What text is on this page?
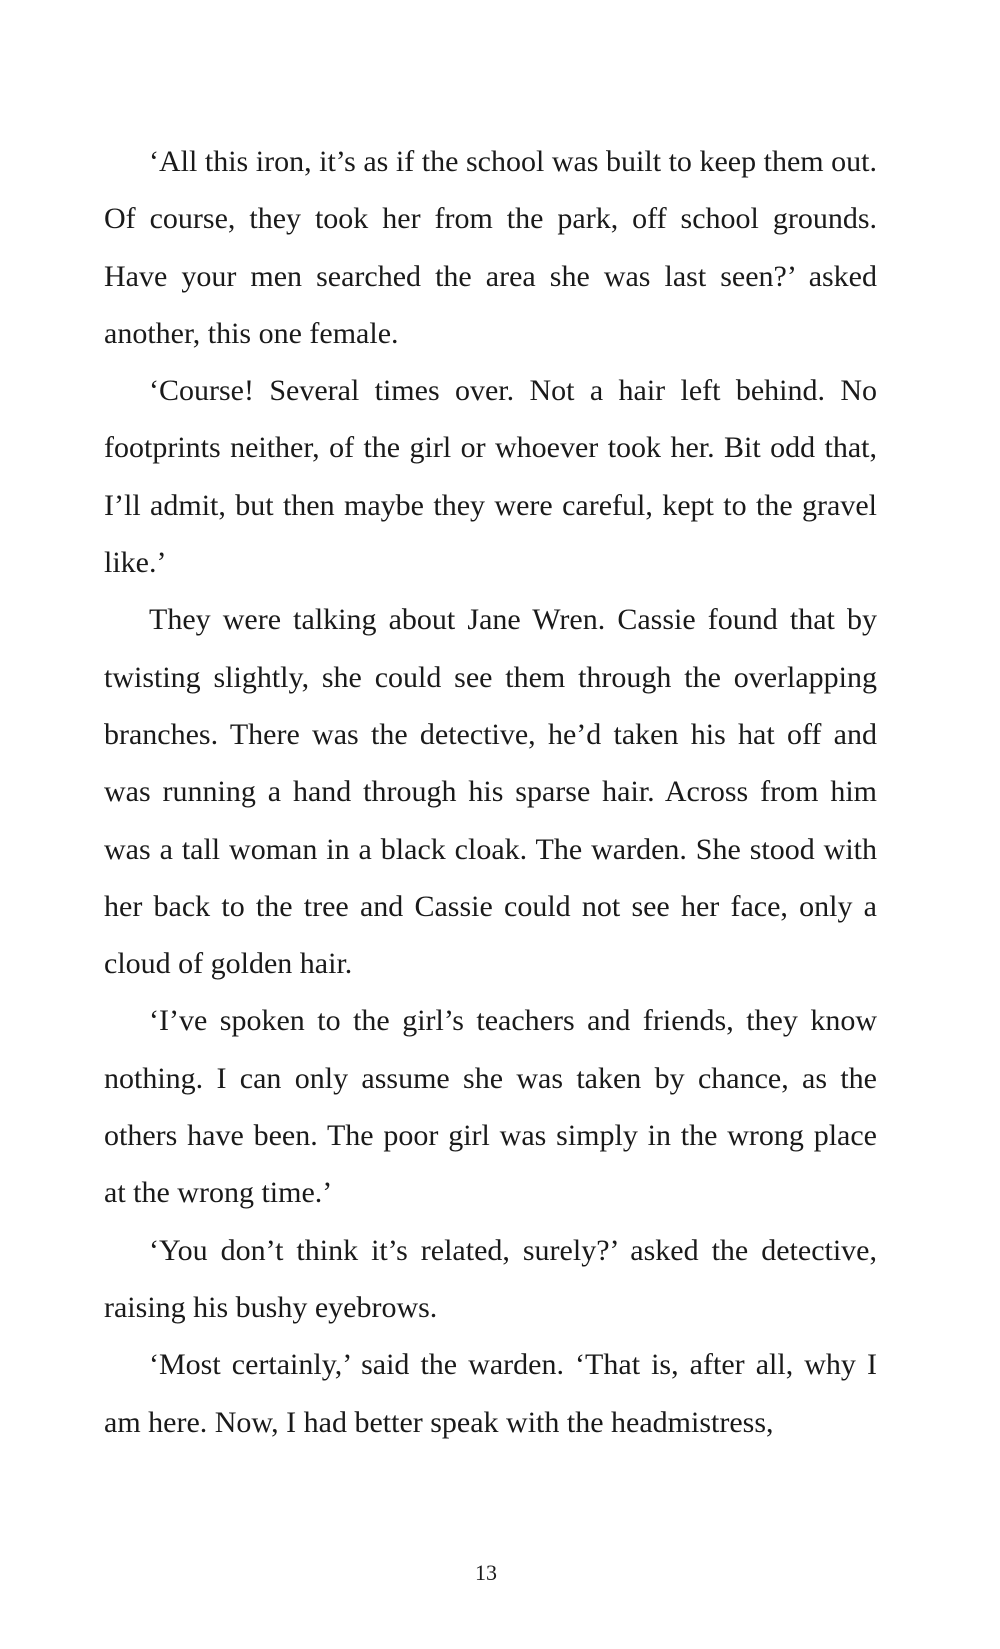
‘All this iron, it’s as if the school was built to keep them out. Of course, they took her from the park, off school grounds. Have your men searched the area she was last seen?’ asked another, this one female.

‘Course! Several times over. Not a hair left behind. No footprints neither, of the girl or whoever took her. Bit odd that, I’ll admit, but then maybe they were careful, kept to the gravel like.’

They were talking about Jane Wren. Cassie found that by twisting slightly, she could see them through the overlapping branches. There was the detective, he’d taken his hat off and was running a hand through his sparse hair. Across from him was a tall woman in a black cloak. The warden. She stood with her back to the tree and Cassie could not see her face, only a cloud of golden hair.

‘I’ve spoken to the girl’s teachers and friends, they know nothing. I can only assume she was taken by chance, as the others have been. The poor girl was simply in the wrong place at the wrong time.’

‘You don’t think it’s related, surely?’ asked the detective, raising his bushy eyebrows.

‘Most certainly,’ said the warden. ‘That is, after all, why I am here. Now, I had better speak with the headmistress,

13
